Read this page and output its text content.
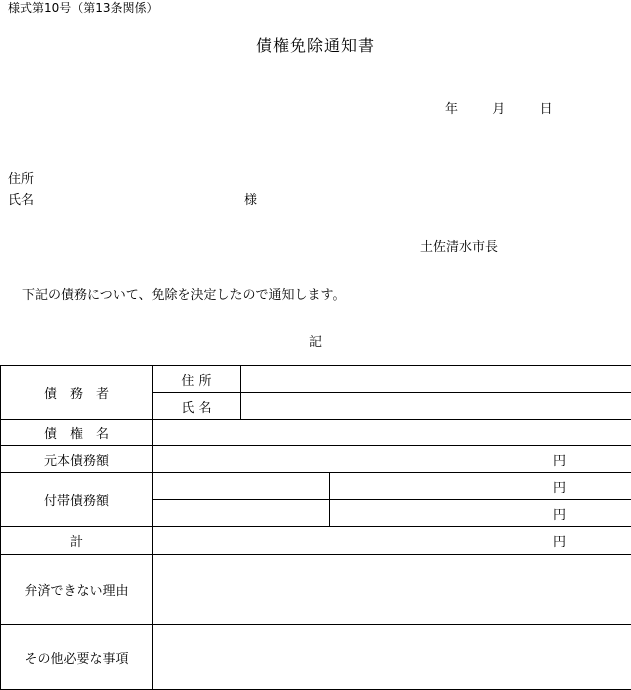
様式第10号（第13条関係）
債権免除通知書
年	月	日
住所
氏名	様
土佐清水市長
下記の債務について、免除を決定したので通知します。
記
債　務　者	住 所		
	氏 名		
債　権　名			
元本債務額	円		
付帯債務額			円
			円
計	円		
弁済できない理由			
その他必要な事項			
